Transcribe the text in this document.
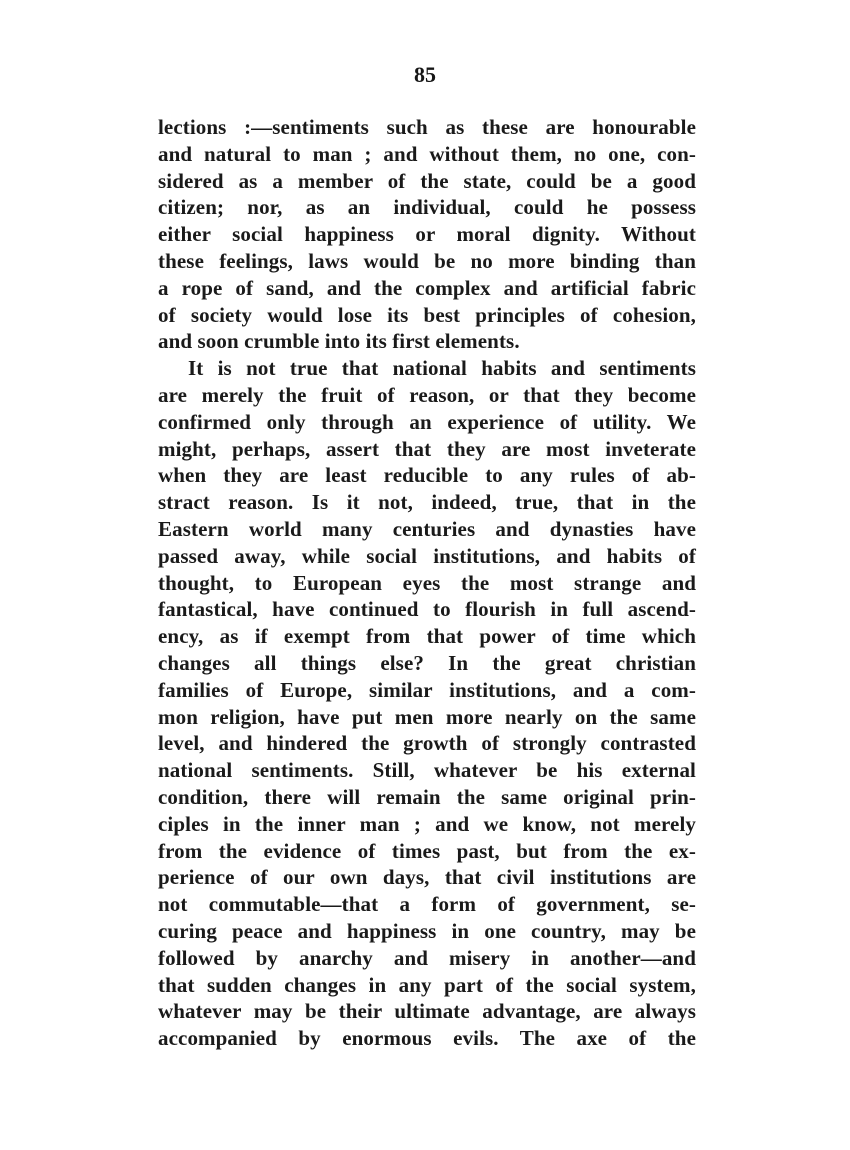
85
lections :—sentiments such as these are honourable
and natural to man ; and without them, no one, con-
sidered as a member of the state, could be a good
citizen; nor, as an individual, could he possess
either social happiness or moral dignity. Without
these feelings, laws would be no more binding than
a rope of sand, and the complex and artificial fabric
of society would lose its best principles of cohesion,
and soon crumble into its first elements.
It is not true that national habits and sentiments
are merely the fruit of reason, or that they become
confirmed only through an experience of utility. We
might, perhaps, assert that they are most inveterate
when they are least reducible to any rules of ab-
stract reason. Is it not, indeed, true, that in the
Eastern world many centuries and dynasties have
passed away, while social institutions, and habits of
thought, to European eyes the most strange and
fantastical, have continued to flourish in full ascend-
ency, as if exempt from that power of time which
changes all things else? In the great christian
families of Europe, similar institutions, and a com-
mon religion, have put men more nearly on the same
level, and hindered the growth of strongly contrasted
national sentiments. Still, whatever be his external
condition, there will remain the same original prin-
ciples in the inner man ; and we know, not merely
from the evidence of times past, but from the ex-
perience of our own days, that civil institutions are
not commutable—that a form of government, se-
curing peace and happiness in one country, may be
followed by anarchy and misery in another—and
that sudden changes in any part of the social system,
whatever may be their ultimate advantage, are always
accompanied by enormous evils. The axe of the
